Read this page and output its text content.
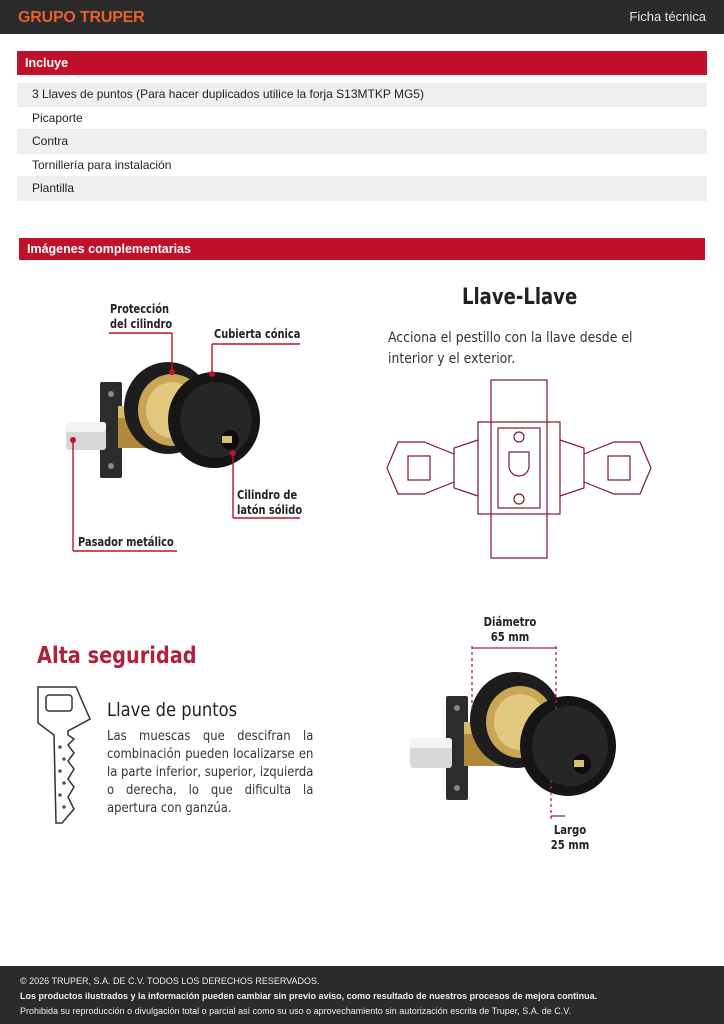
GRUPO TRUPER	Ficha técnica
Incluye
3 Llaves de puntos (Para hacer duplicados utilice la forja S13MTKP MG5)
Picaporte
Contra
Tornillería para instalación
Plantilla
Imágenes complementarias
Protección
del cilindro
Cubierta cónica
Cilindro de
latón sólido
Pasador metálico
Llave-Llave
Acciona el pestillo con la llave desde el interior y el exterior.
Alta seguridad
Llave de puntos
Las muescas que descifran la combinación pueden localizarse en la parte inferior, superior, izquierda o derecha, lo que dificulta la apertura con ganzúa.
Diámetro
65 mm
Largo
25 mm
© 2026 TRUPER, S.A. DE C.V. TODOS LOS DERECHOS RESERVADOS.
Los productos ilustrados y la información pueden cambiar sin previo aviso, como resultado de nuestros procesos de mejora continua.
Prohibida su reproducción o divulgación total o parcial así como su uso o aprovechamiento sin autorización escrita de Truper, S.A. de C.V.
